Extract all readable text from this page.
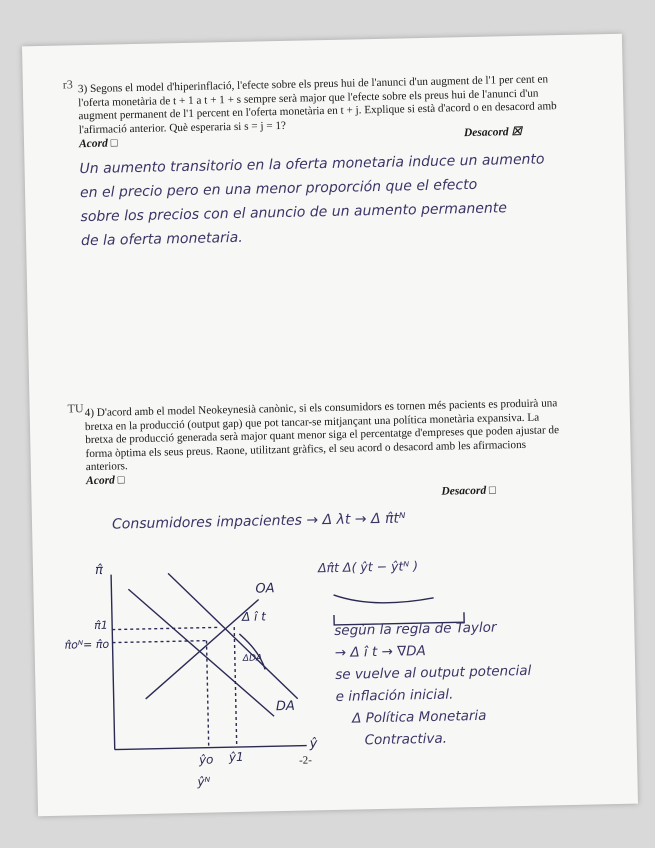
r3 3) Segons el model d'hiperinflació, l'efecte sobre els preus hui de l'anunci d'un augment de l'1 per cent en l'oferta monetària de t + 1 a t + 1 + s sempre serà major que l'efecte sobre els preus hui de l'anunci d'un augment permanent de l'1 percent en l'oferta monetària en t + j. Explique si està d'acord o en desacord amb l'afirmació anterior. Què esperaria si s = j = 1?

Acord □
Desacord ☒
Un aumento transitorio en la oferta monetaria induce un aumento
en el precio pero en una menor proporción que el efecto
sobre los precios con el anuncio de un aumento permanente
de la oferta monetaria.
TU 4) D'acord amb el model Neokeynesià canònic, si els consumidors es tornen més pacients es produirà una bretxa en la producció (output gap) que pot tancar-se mitjançant una política monetària expansiva. La bretxa de producció generada serà major quant menor siga el percentatge d'empreses que poden ajustar de forma òptima els seus preus. Raone, utilitzant gràfics, el seu acord o desacord amb les afirmacions anteriors.

Acord □
Desacord □
Consumidores impacientes → Δ λt → Δ π̂tᴺ
Δπ̂t Δ( ŷt − ŷtᴺ )
π̂
ŷ
OA
DA
π̂1
π̂oᴺ= π̂o
ŷo ŷ1
ŷᴺ
Δ î t
ΔDA
-2-
según la regla de Taylor
→ Δ î t → ∇DA
se vuelve al output potencial
e inflación inicial.
Δ Política Monetaria
Contractiva.
